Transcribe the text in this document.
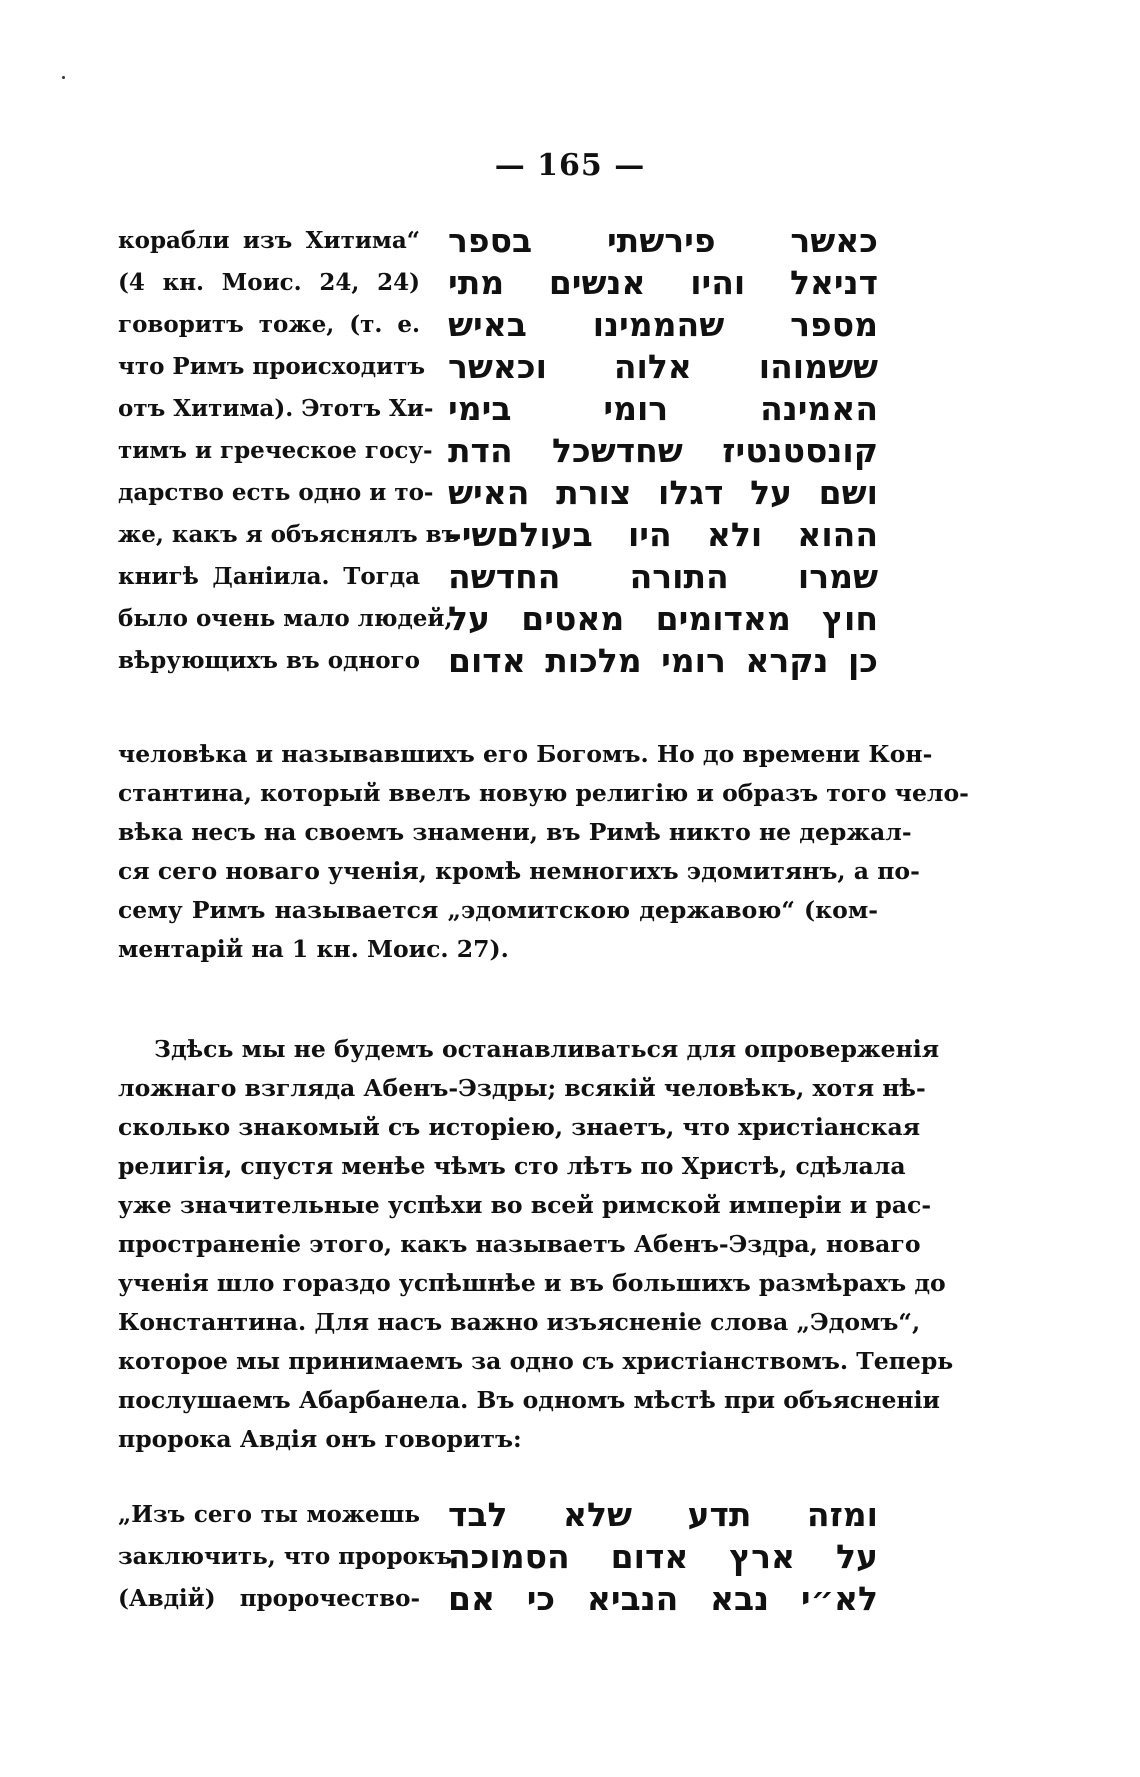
— 165 —
корабли изъ Хитима“ כאשר פירשתי בספר
(4 кн. Моис. 24, 24) דניאל והיו אנשים מתי
говоритъ тоже, (т. е. מספר שהממינו באיש
что Римъ происходитъ ששמוהו אלוה וכאשר
отъ Хитима). Этотъ Хи- האמינה רומי בימי
тимъ и греческое госу- קונסטנטיז שחדשכל הדת
дарство есть одно и то- ושם על דגלו צורת האיש
же, какъ я объяснялъ въ
ההוא ולא היו בעולםשי-
книгѣ Даніила. Тогда שמרו התורה החדשה
было очень мало людей,
חוץ מאדומים מאטים על
вѣрующихъ въ одного כן נקרא רומי מלכות אדום
человѣка и называвшихъ его Богомъ. Но до времени Кон-
стантина, который ввелъ новую религію и образъ того чело-
вѣка несъ на своемъ знамени, въ Римѣ никто не держал-
ся сего новаго ученія, кромѣ немногихъ эдомитянъ, а по-
сему Римъ называется „эдомитскою державою“ (ком-
ментарій на 1 кн. Моис. 27).
Здѣсь мы не будемъ останавливаться для опроверженія
ложнаго взгляда Абенъ-Эздры; всякій человѣкъ, хотя нѣ-
сколько знакомый съ исторіею, знаетъ, что христіанская
религія, спустя менѣе чѣмъ сто лѣтъ по Христѣ, сдѣлала
уже значительные успѣхи во всей римской имперіи и рас-
пространеніе этого, какъ называетъ Абенъ-Эздра, новаго
ученія шло гораздо успѣшнѣе и въ большихъ размѣрахъ до
Константина. Для насъ важно изъясненіе слова „Эдомъ“,
которое мы принимаемъ за одно съ христіанствомъ. Теперь
послушаемъ Абарбанела. Въ одномъ мѣстѣ при объясненіи
пророка Авдія онъ говоритъ:
„Изъ сего ты можешь ומזה תדע שלא לבד
заключить, что пророкъ
על ארץ אדום הסמוכה
(Авдій) пророчество- לא״י נבא הנביא כי אם
